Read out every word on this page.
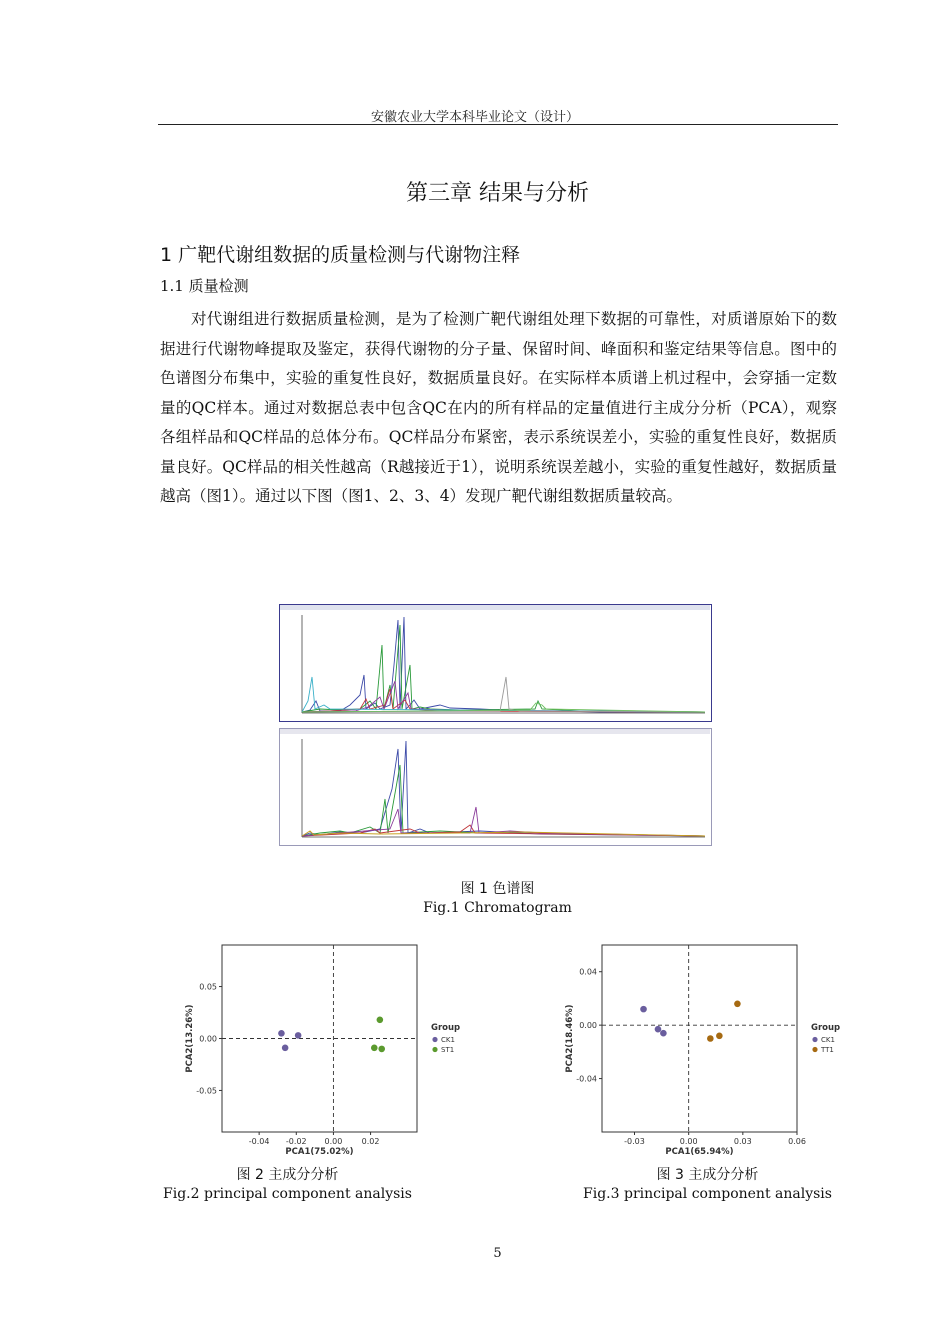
安徽农业大学本科毕业论文（设计）
第三章 结果与分析
1 广靶代谢组数据的质量检测与代谢物注释
1.1 质量检测

对代谢组进行数据质量检测，是为了检测广靶代谢组处理下数据的可靠性，对质谱原始下的数据进行代谢物峰提取及鉴定，获得代谢物的分子量、保留时间、峰面积和鉴定结果等信息。图中的色谱图分布集中，实验的重复性良好，数据质量良好。在实际样本质谱上机过程中，会穿插一定数量的QC样本。通过对数据总表中包含QC在内的所有样品的定量值进行主成分分析（PCA），观察各组样品和QC样品的总体分布。QC样品分布紧密，表示系统误差小，实验的重复性良好，数据质量良好。QC样品的相关性越高（R越接近于1），说明系统误差越小，实验的重复性越好，数据质量越高（图1）。通过以下图（图1、2、3、4）发现广靶代谢组数据质量较高。

图 1 色谱图
Fig.1 Chromatogram
-0.04 -0.02 0.00 0.02
0.05
0.00
-0.05
PCA1(75.02%)
PCA2(13.26%)	Group
CK1
ST1
图 2 主成分分析
Fig.2 principal component analysis
-0.03	0.00	0.03	0.06
0.04
0.00
-0.04
PCA1(65.94%)
PCA2(18.46%)	Group
CK1
TT1
图 3 主成分分析
Fig.3 principal component analysis
5
